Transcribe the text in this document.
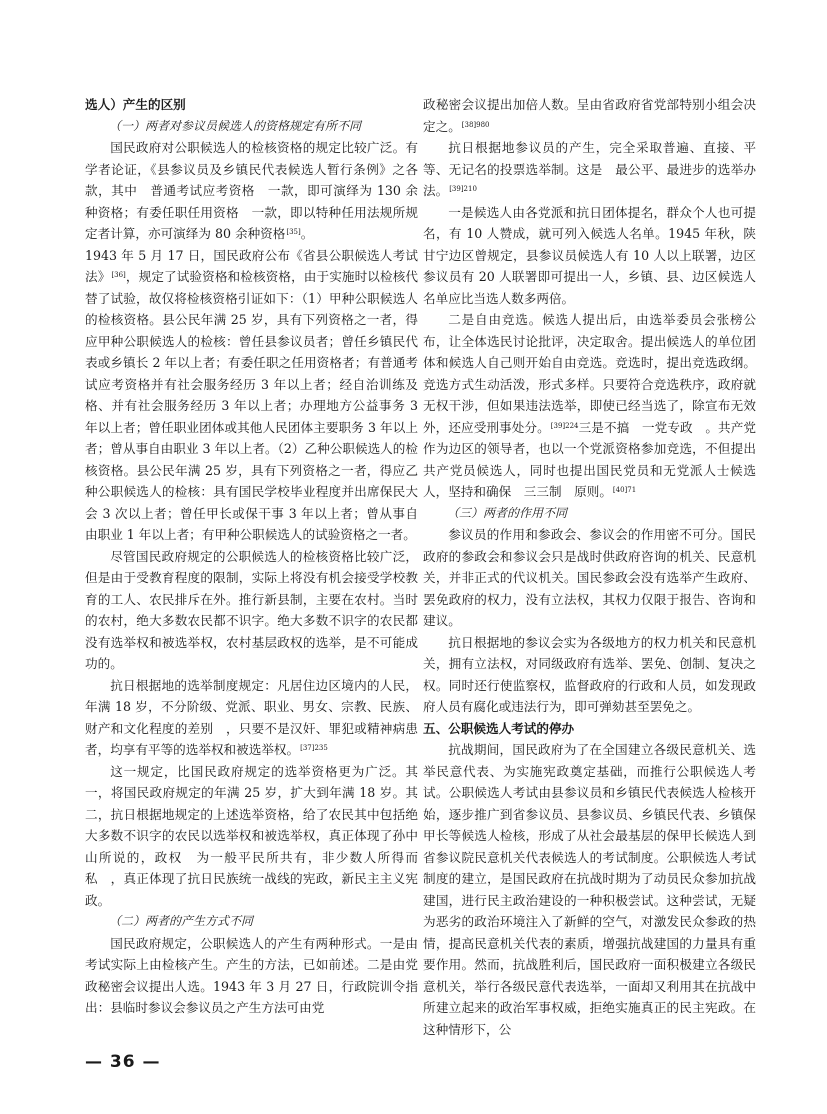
选人）产生的区别
（一）两者对参议员候选人的资格规定有所不同

国民政府对公职候选人的检核资格的规定比较广泛。有学者论证，《县参议员及乡镇民代表候选人暂行条例》之各款，其中　普通考试应考资格　一款，即可演绎为 130 余种资格；有委任职任用资格　一款，即以特种任用法规所规定者计算，亦可演绎为 80 余种资格[35]。

1943 年 5 月 17 日，国民政府公布《省县公职候选人考试法》[36]，规定了试验资格和检核资格，由于实施时以检核代替了试验，故仅将检核资格引证如下：（1）甲种公职候选人的检核资格。县公民年满 25 岁，具有下列资格之一者，得应甲种公职候选人的检核：曾任县参议员者；曾任乡镇民代表或乡镇长 2 年以上者；有委任职之任用资格者；有普通考试应考资格并有社会服务经历 3 年以上者；经自治训练及格、并有社会服务经历 3 年以上者；办理地方公益事务 3 年以上者；曾任职业团体或其他人民团体主要职务 3 年以上者；曾从事自由职业 3 年以上者。（2）乙种公职候选人的检核资格。县公民年满 25 岁，具有下列资格之一者，得应乙种公职候选人的检核：具有国民学校毕业程度并出席保民大会 3 次以上者；曾任甲长或保干事 3 年以上者；曾从事自由职业 1 年以上者；有甲种公职候选人的试验资格之一者。

尽管国民政府规定的公职候选人的检核资格比较广泛，但是由于受教育程度的限制，实际上将没有机会接受学校教育的工人、农民排斥在外。推行新县制，主要在农村。当时的农村，绝大多数农民都不识字。绝大多数不识字的农民都没有选举权和被选举权，农村基层政权的选举，是不可能成功的。

抗日根据地的选举制度规定：凡居住边区境内的人民，年满 18 岁，不分阶级、党派、职业、男女、宗教、民族、财产和文化程度的差别　，只要不是汉奸、罪犯或精神病患者，均享有平等的选举权和被选举权。$^{[37]235}$

这一规定，比国民政府规定的选举资格更为广泛。其一，将国民政府规定的年满 25 岁，扩大到年满 18 岁。其二，抗日根据地规定的上述选举资格，给了农民其中包括绝大多数不识字的农民以选举权和被选举权，真正体现了孙中山所说的，政权　为一般平民所共有，非少数人所得而私　，真正体现了抗日民族统一战线的宪政，新民主主义宪政。

（二）两者的产生方式不同

国民政府规定，公职候选人的产生有两种形式。一是由考试实际上由检核产生。产生的方法，已如前述。二是由党政秘密会议提出人选。1943 年 3 月 27 日，行政院训令指出：县临时参议会参议员之产生方法可由党

政秘密会议提出加倍人数。呈由省政府省党部特别小组会决定之。$^{[38]980}$

抗日根据地参议员的产生，完全采取普遍、直接、平等、无记名的投票选举制。这是　最公平、最进步的选举办法。$^{[39]210}$

一是候选人由各党派和抗日团体提名，群众个人也可提名，有 10 人赞成，就可列入候选人名单。1945 年秋，陕甘宁边区曾规定，县参议员候选人有 10 人以上联署，边区参议员有 20 人联署即可提出一人，乡镇、县、边区候选人名单应比当选人数多两倍。

二是自由竞选。候选人提出后，由选举委员会张榜公布，让全体选民讨论批评，决定取舍。提出候选人的单位团体和候选人自己则开始自由竞选。竞选时，提出竞选政纲。竞选方式生动活泼，形式多样。只要符合竞选秩序，政府就无权干涉，但如果违法选举，即使已经当选了，除宣布无效外，还应受刑事处分。$^{[39]224}$三是不搞　一党专政　。共产党作为边区的领导者，也以一个党派资格参加竞选，不但提出共产党员候选人，同时也提出国民党员和无党派人士候选人，坚持和确保　三三制　原则。$^{[40]71}$

（三）两者的作用不同

参议员的作用和参政会、参议会的作用密不可分。国民政府的参政会和参议会只是战时供政府咨询的机关、民意机关，并非正式的代议机关。国民参政会没有选举产生政府、罢免政府的权力，没有立法权，其权力仅限于报告、咨询和建议。

抗日根据地的参议会实为各级地方的权力机关和民意机关，拥有立法权，对同级政府有选举、罢免、创制、复决之权。同时还行使监察权，监督政府的行政和人员，如发现政府人员有腐化或违法行为，即可弹劾甚至罢免之。

五、公职候选人考试的停办

抗战期间，国民政府为了在全国建立各级民意机关、选举民意代表、为实施宪政奠定基础，而推行公职候选人考试。公职候选人考试由县参议员和乡镇民代表候选人检核开始，逐步推广到省参议员、县参议员、乡镇民代表、乡镇保甲长等候选人检核，形成了从社会最基层的保甲长候选人到省参议院民意机关代表候选人的考试制度。公职候选人考试制度的建立，是国民政府在抗战时期为了动员民众参加抗战建国，进行民主政治建设的一种积极尝试。这种尝试，无疑为恶劣的政治环境注入了新鲜的空气，对激发民众参政的热情，提高民意机关代表的素质，增强抗战建国的力量具有重要作用。然而，抗战胜利后，国民政府一面积极建立各级民意机关，举行各级民意代表选举，一面却又利用其在抗战中所建立起来的政治军事权威，拒绝实施真正的民主宪政。在这种情形下，公

— 36 —
